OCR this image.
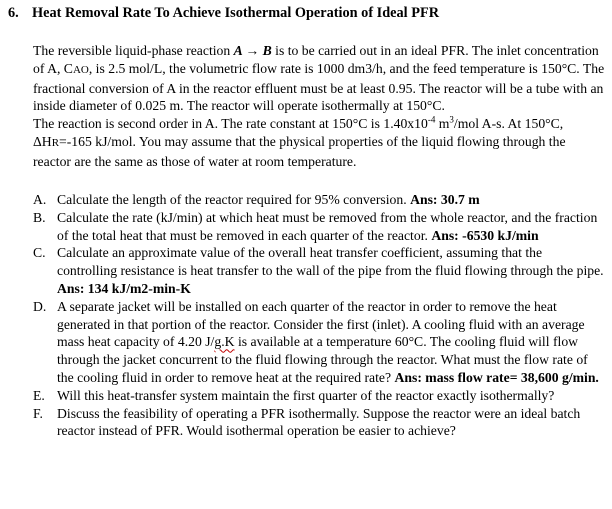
6. Heat Removal Rate To Achieve Isothermal Operation of Ideal PFR

The reversible liquid-phase reaction A → B is to be carried out in an ideal PFR. The inlet concentration of A, CAO, is 2.5 mol/L, the volumetric flow rate is 1000 dm3/h, and the feed temperature is 150°C. The fractional conversion of A in the reactor effluent must be at least 0.95. The reactor will be a tube with an inside diameter of 0.025 m. The reactor will operate isothermally at 150°C.

The reaction is second order in A. The rate constant at 150°C is $1.40x10^{-4}$ $m^3$/mol A-s. At 150°C, ΔHR=-165 kJ/mol. You may assume that the physical properties of the liquid flowing through the reactor are the same as those of water at room temperature.

A. Calculate the length of the reactor required for 95% conversion. Ans: 30.7 m
B. Calculate the rate (kJ/min) at which heat must be removed from the whole reactor, and the fraction of the total heat that must be removed in each quarter of the reactor. Ans: -6530 kJ/min
C. Calculate an approximate value of the overall heat transfer coefficient, assuming that the controlling resistance is heat transfer to the wall of the pipe from the fluid flowing through the pipe. Ans: 134 kJ/m2-min-K
D. A separate jacket will be installed on each quarter of the reactor in order to remove the heat generated in that portion of the reactor. Consider the first (inlet). A cooling fluid with an average mass heat capacity of 4.20 J/g.K is available at a temperature 60°C. The cooling fluid will flow through the jacket concurrent to the fluid flowing through the reactor. What must the flow rate of the cooling fluid in order to remove heat at the required rate? Ans: mass flow rate= 38,600 g/min.
E. Will this heat-transfer system maintain the first quarter of the reactor exactly isothermally?
F. Discuss the feasibility of operating a PFR isothermally. Suppose the reactor were an ideal batch reactor instead of PFR. Would isothermal operation be easier to achieve?
